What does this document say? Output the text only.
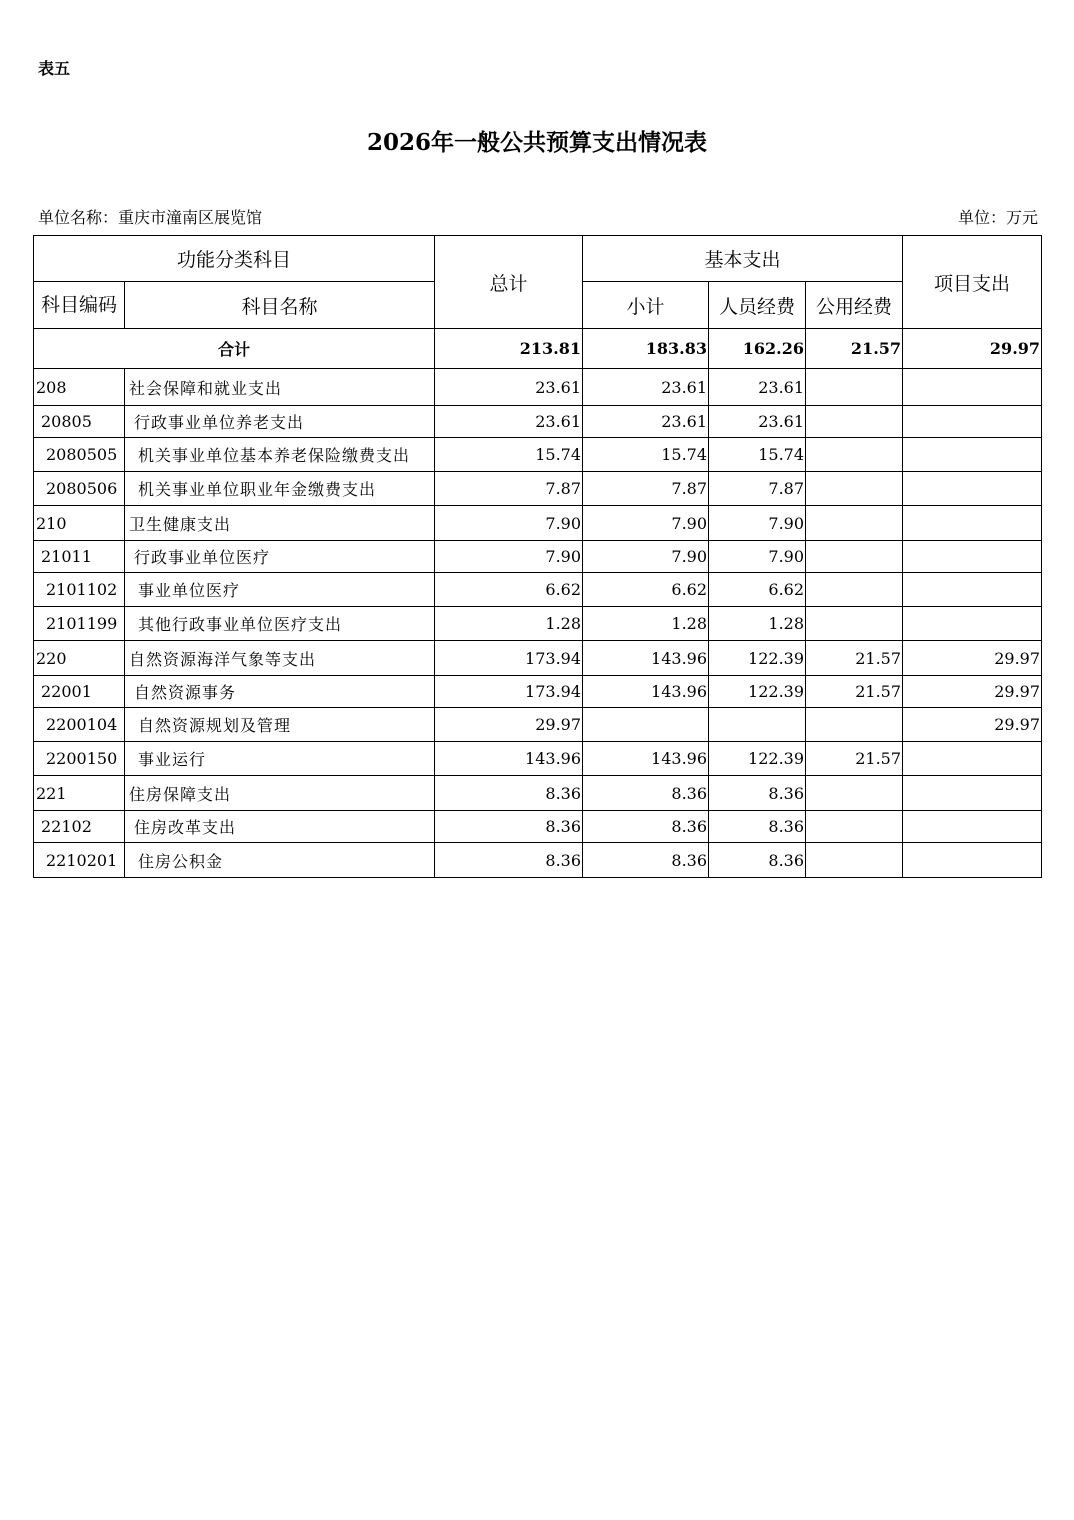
表五
2026年一般公共预算支出情况表
单位名称：重庆市潼南区展览馆	单位：万元
功能分类科目		总计	基本支出			项目支出
科目编码	科目名称		小计	人员经费	公用经费	
合计		213.81	183.83	162.26	21.57	29.97
208	社会保障和就业支出	23.61	23.61	23.61		
20805	行政事业单位养老支出	23.61	23.61	23.61		
2080505	机关事业单位基本养老保险缴费支出	15.74	15.74	15.74		
2080506	机关事业单位职业年金缴费支出	7.87	7.87	7.87		
210	卫生健康支出	7.90	7.90	7.90		
21011	行政事业单位医疗	7.90	7.90	7.90		
2101102	事业单位医疗	6.62	6.62	6.62		
2101199	其他行政事业单位医疗支出	1.28	1.28	1.28		
220	自然资源海洋气象等支出	173.94	143.96	122.39	21.57	29.97
22001	自然资源事务	173.94	143.96	122.39	21.57	29.97
2200104	自然资源规划及管理	29.97				29.97
2200150	事业运行	143.96	143.96	122.39	21.57	
221	住房保障支出	8.36	8.36	8.36		
22102	住房改革支出	8.36	8.36	8.36		
2210201	住房公积金	8.36	8.36	8.36		
